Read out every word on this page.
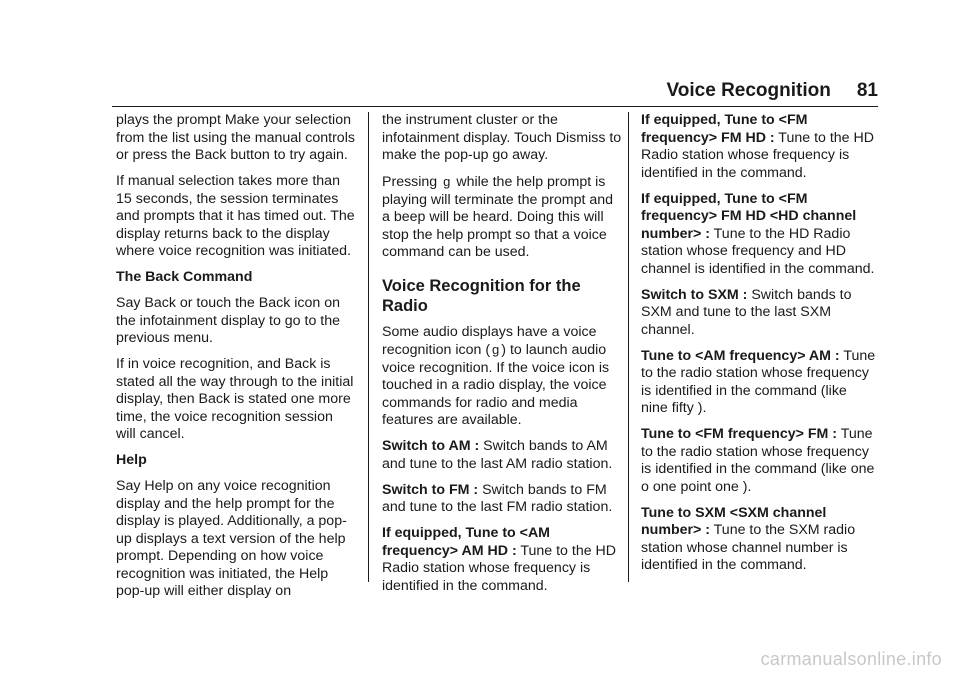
Voice Recognition 81

plays the prompt Make your selection from the list using the manual controls or press the Back button to try again.

If manual selection takes more than 15 seconds, the session terminates and prompts that it has timed out. The display returns back to the display where voice recognition was initiated.

The Back Command

Say Back or touch the Back icon on the infotainment display to go to the previous menu.

If in voice recognition, and Back is stated all the way through to the initial display, then Back is stated one more time, the voice recognition session will cancel.

Help

Say Help on any voice recognition display and the help prompt for the display is played. Additionally, a pop-up displays a text version of the help prompt. Depending on how voice recognition was initiated, the Help pop-up will either display on

the instrument cluster or the infotainment display. Touch Dismiss to make the pop-up go away.

Pressing g while the help prompt is playing will terminate the prompt and a beep will be heard. Doing this will stop the help prompt so that a voice command can be used.

Voice Recognition for the Radio

Some audio displays have a voice recognition icon ( g ) to launch audio voice recognition. If the voice icon is touched in a radio display, the voice commands for radio and media features are available.

Switch to AM : Switch bands to AM and tune to the last AM radio station.

Switch to FM : Switch bands to FM and tune to the last FM radio station.

If equipped, Tune to <AM frequency> AM HD : Tune to the HD Radio station whose frequency is identified in the command.

If equipped, Tune to <FM frequency> FM HD : Tune to the HD Radio station whose frequency is identified in the command.

If equipped, Tune to <FM frequency> FM HD <HD channel number> : Tune to the HD Radio station whose frequency and HD channel is identified in the command.

Switch to SXM : Switch bands to SXM and tune to the last SXM channel.

Tune to <AM frequency> AM : Tune to the radio station whose frequency is identified in the command (like nine fifty ).

Tune to <FM frequency> FM : Tune to the radio station whose frequency is identified in the command (like one o one point one ).

Tune to SXM <SXM channel number> : Tune to the SXM radio station whose channel number is identified in the command.

carmanualsonline.info
